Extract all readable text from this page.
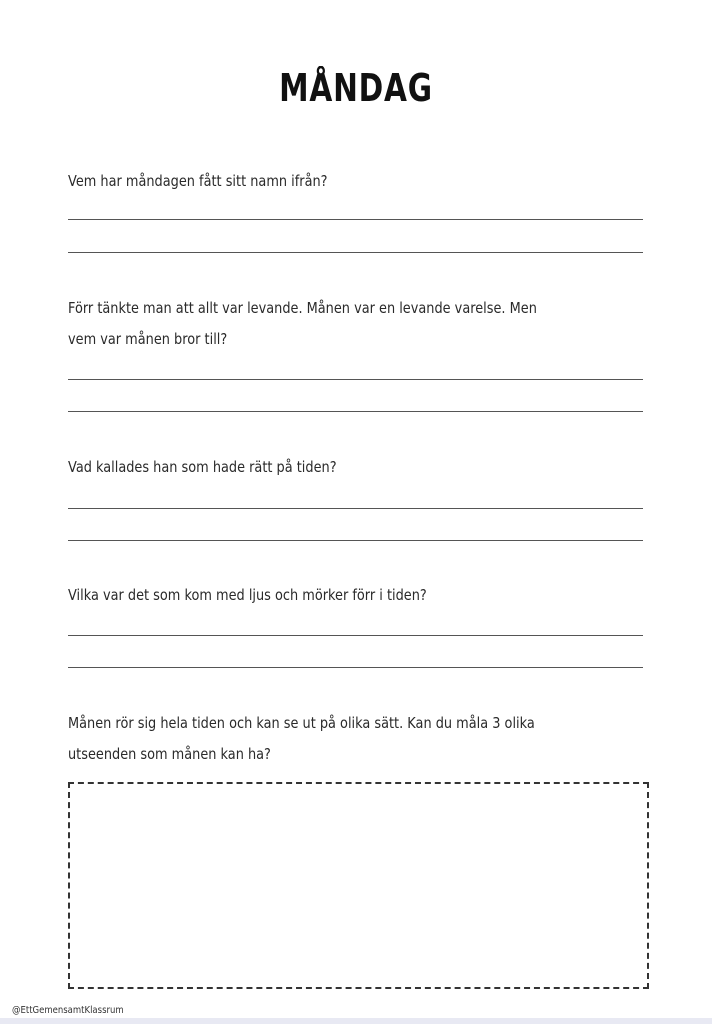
MÅNDAG
Vem har måndagen fått sitt namn ifrån?
Förr tänkte man att allt var levande. Månen var en levande varelse. Men vem var månen bror till?
Vad kallades han som hade rätt på tiden?
Vilka var det som kom med ljus och mörker förr i tiden?
Månen rör sig hela tiden och kan se ut på olika sätt. Kan du måla 3 olika utseenden som månen kan ha?
@EttGemensamtKlassrum
